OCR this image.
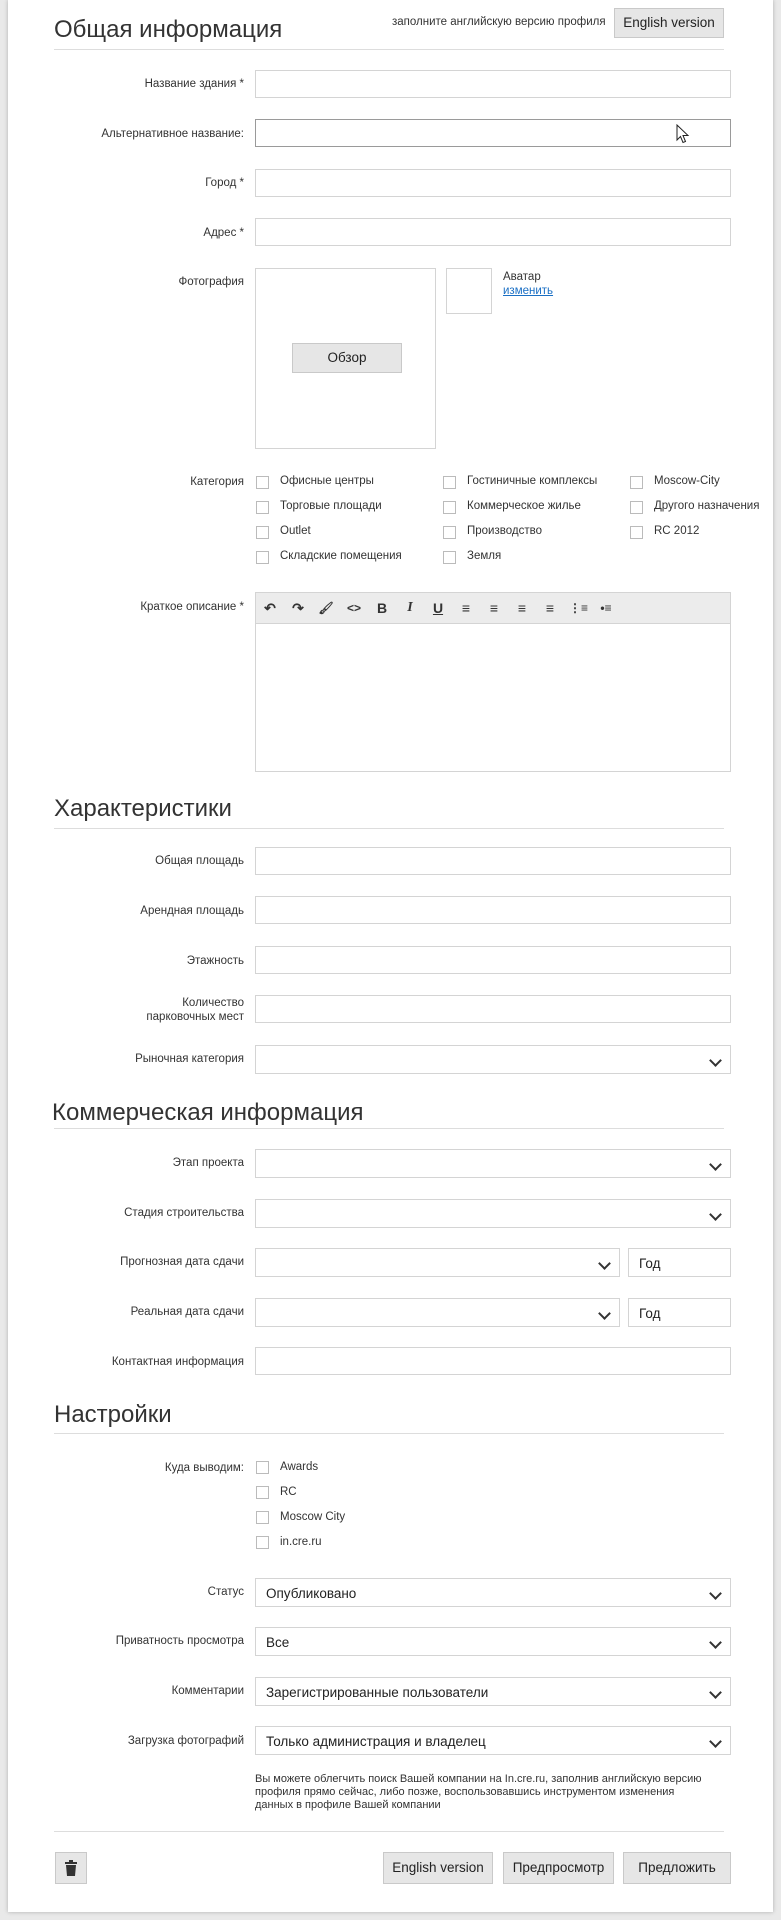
Общая информация	заполните английскую версию профиля	English version
Название здания *
Альтернативное название:
Город *
Адрес *
Фотография
Обзор
Аватар
изменить
Категория	Офисные центры	Гостиничные комплексы	Moscow-City
Торговые площади	Коммерческое жилье	Другого назначения
Outlet	Производство	RC 2012
Складские помещения	Земля
Краткое описание * ↶ ↷ 🖌 <> B	I	U	≡	≡	≡	≡	⋮≡ •≡
Характеристики
Общая площадь
Арендная площадь
Этажность
Количество
парковочных мест
Рыночная категория
Коммерческая информация
Этап проекта
Стадия строительства
Прогнозная дата сдачи	Год
Реальная дата сдачи	Год
Контактная информация
Настройки
Куда выводим:	Awards
RC
Moscow City
in.cre.ru
Статус	Опубликовано
Приватность просмотра	Все
Комментарии	Зарегистрированные пользователи
Загрузка фотографий	Только администрация и владелец
Вы можете облегчить поиск Вашей компании на In.cre.ru, заполнив английскую версию
профиля прямо сейчас, либо позже, воспользовавшись инструментом изменения
данных в профиле Вашей компании
English version	Предпросмотр	Предложить
